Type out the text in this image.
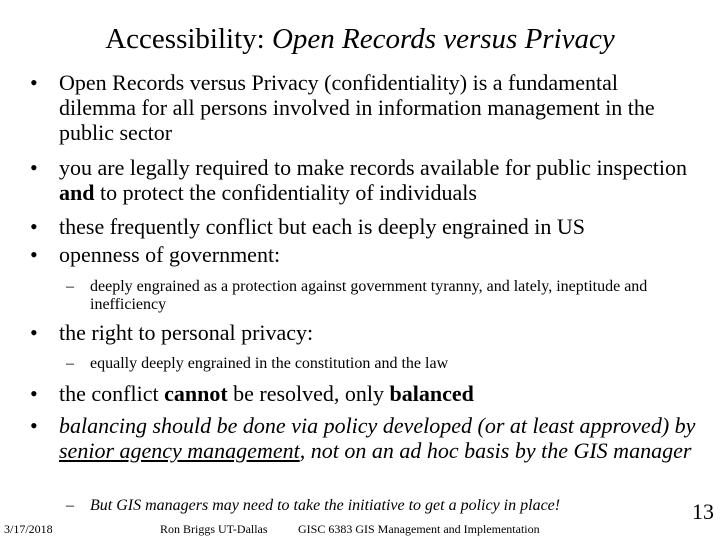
Accessibility: Open Records versus Privacy
• Open Records versus Privacy (confidentiality) is a fundamental dilemma for all persons involved in information management in the public sector
• you are legally required to make records available for public inspection and to protect the confidentiality of individuals
• these frequently conflict but each is deeply engrained in US
• openness of government:
– deeply engrained as a protection against government tyranny, and lately, ineptitude and inefficiency
• the right to personal privacy:
– equally deeply engrained in the constitution and the law
• the conflict cannot be resolved, only balanced
• balancing should be done via policy developed (or at least approved) by senior agency management, not on an ad hoc basis by the GIS manager
– But GIS managers may need to take the initiative to get a policy in place!
3/17/2018	Ron Briggs UT-Dallas	GISC 6383 GIS Management and Implementation
13
